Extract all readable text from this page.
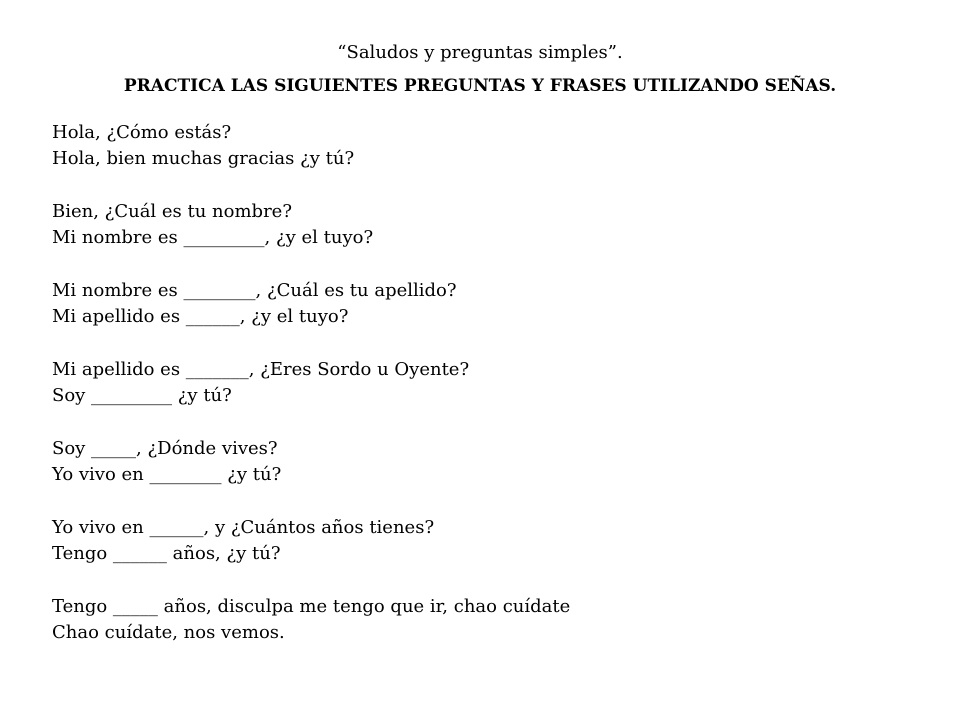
“Saludos y preguntas simples”.
PRACTICA LAS SIGUIENTES PREGUNTAS Y FRASES UTILIZANDO SEÑAS.

Hola, ¿Cómo estás?

Hola, bien muchas gracias ¿y tú?

Bien, ¿Cuál es tu nombre?

Mi nombre es _________, ¿y el tuyo?

Mi nombre es ________, ¿Cuál es tu apellido?

Mi apellido es ______, ¿y el tuyo?

Mi apellido es _______, ¿Eres Sordo u Oyente?

Soy _________ ¿y tú?

Soy _____, ¿Dónde vives?

Yo vivo en ________ ¿y tú?

Yo vivo en ______, y ¿Cuántos años tienes?

Tengo ______ años, ¿y tú?

Tengo _____ años, disculpa me tengo que ir, chao cuídate

Chao cuídate, nos vemos.
